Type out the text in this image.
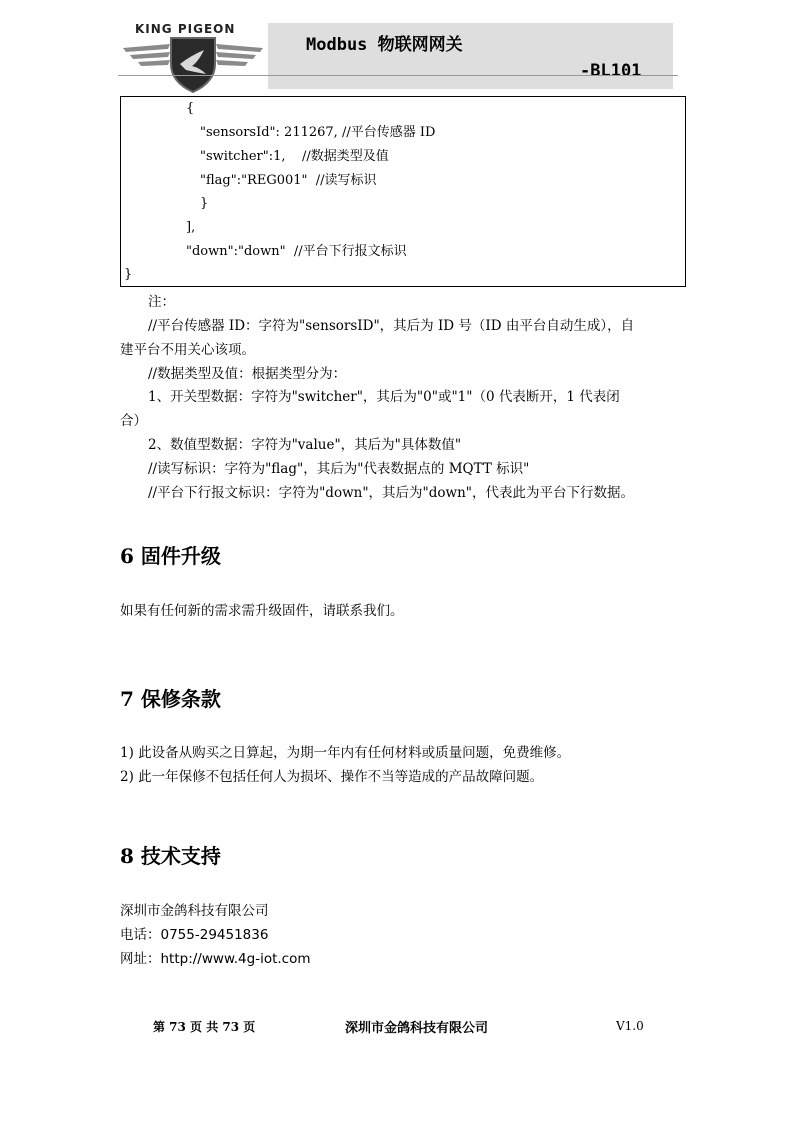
KING PIGEON
Modbus 物联网网关
-BL101
{
"sensorsId": 211267, //平台传感器 ID
"switcher":1,    //数据类型及值
"flag":"REG001"  //读写标识
}
],
"down":"down"  //平台下行报文标识
}
注：
//平台传感器 ID：字符为"sensorsID"，其后为 ID 号（ID 由平台自动生成），自
建平台不用关心该项。
//数据类型及值：根据类型分为：
1、开关型数据：字符为"switcher"，其后为"0"或"1"（0 代表断开，1 代表闭
合）
2、数值型数据：字符为"value"，其后为"具体数值"
//读写标识：字符为"flag"，其后为"代表数据点的 MQTT 标识"
//平台下行报文标识：字符为"down"，其后为"down"，代表此为平台下行数据。
6 固件升级
如果有任何新的需求需升级固件，请联系我们。
7 保修条款
1) 此设备从购买之日算起，为期一年内有任何材料或质量问题，免费维修。
2) 此一年保修不包括任何人为损坏、操作不当等造成的产品故障问题。
8 技术支持
深圳市金鸽科技有限公司
电话：0755-29451836
网址：http://www.4g-iot.com
第 73 页 共 73 页	深圳市金鸽科技有限公司	V1.0
